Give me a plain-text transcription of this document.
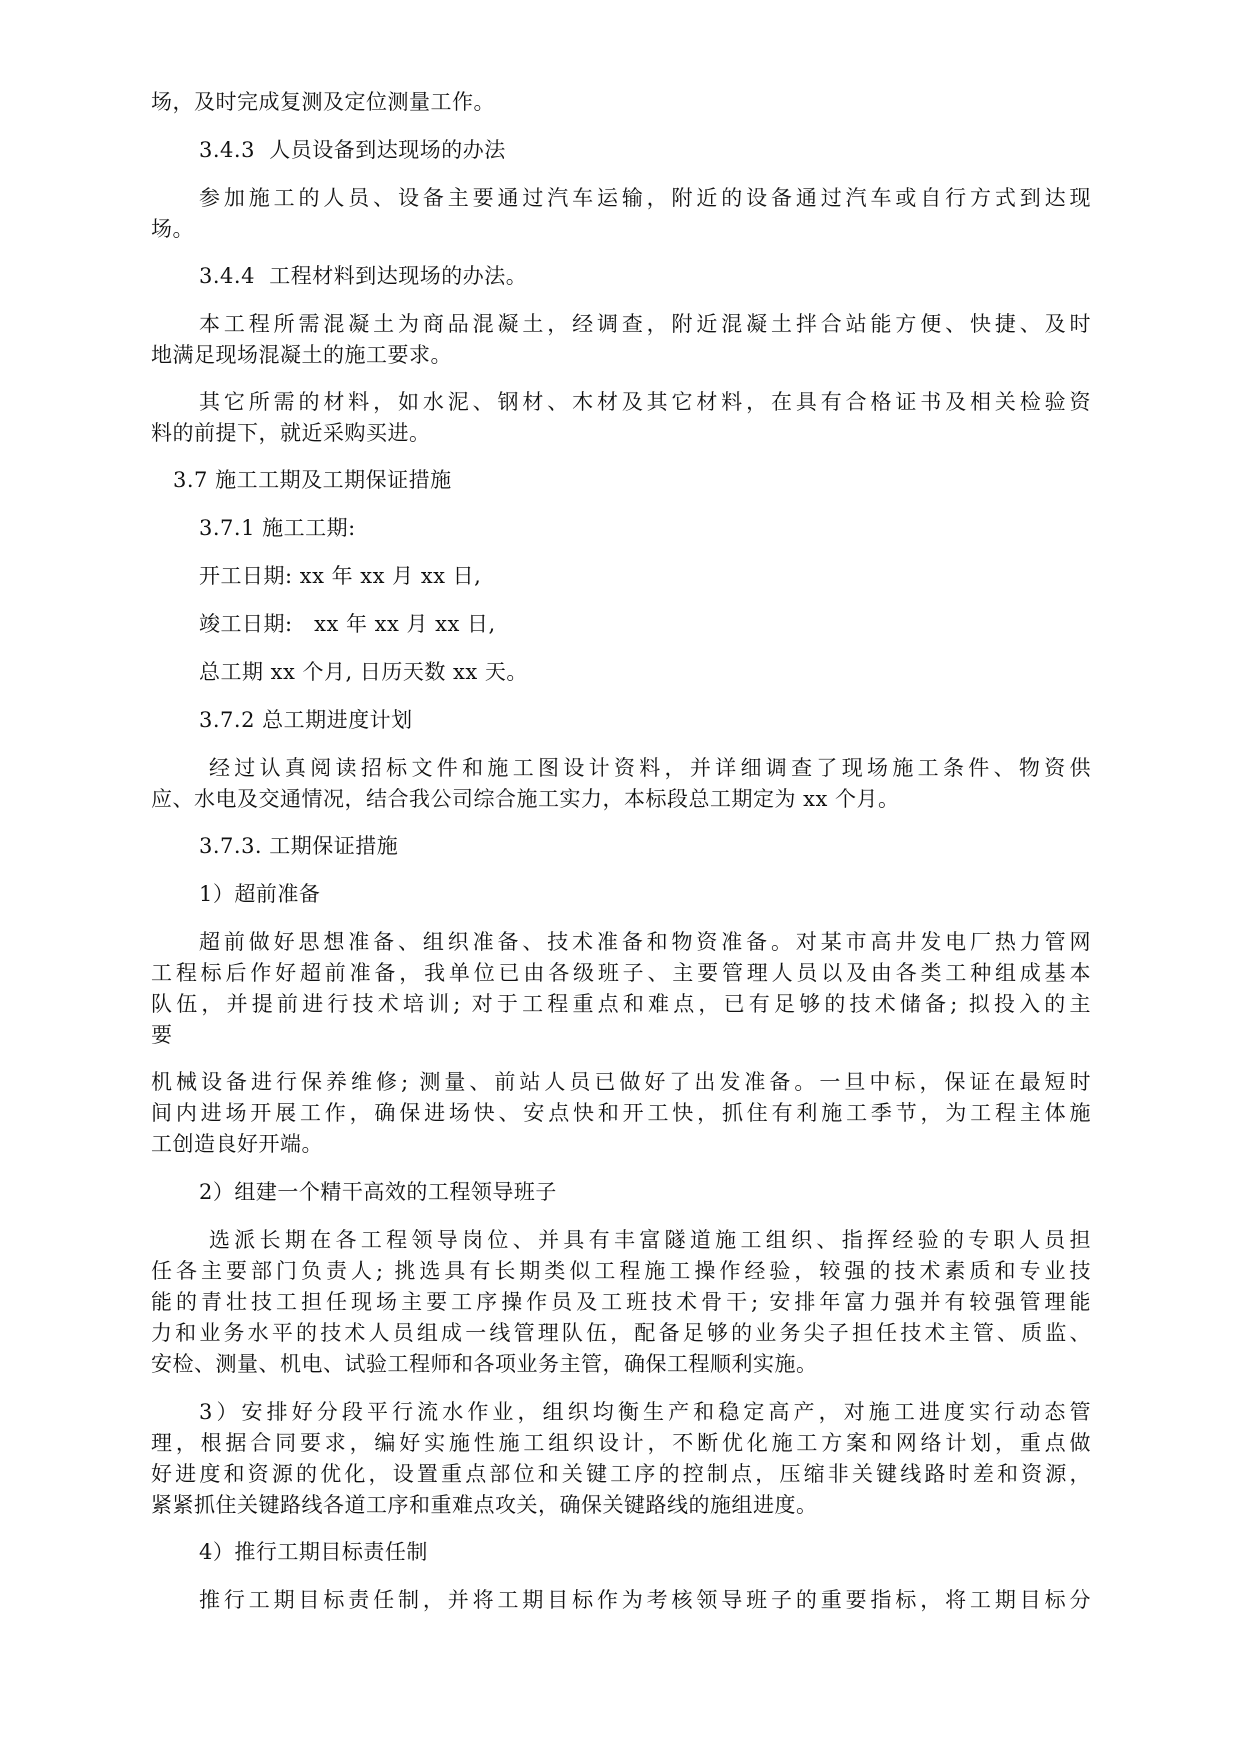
场，及时完成复测及定位测量工作。
3.4.3  人员设备到达现场的办法
参加施工的人员、设备主要通过汽车运输，附近的设备通过汽车或自行方式到达现
场。
3.4.4  工程材料到达现场的办法。
本工程所需混凝土为商品混凝土，经调查，附近混凝土拌合站能方便、快捷、及时
地满足现场混凝土的施工要求。
其它所需的材料，如水泥、钢材、木材及其它材料，在具有合格证书及相关检验资
料的前提下，就近采购买进。
3.7 施工工期及工期保证措施
3.7.1 施工工期:
开工日期: xx 年 xx 月 xx 日,
竣工日期:   xx 年 xx 月 xx 日,
总工期 xx 个月, 日历天数 xx 天。
3.7.2 总工期进度计划
经过认真阅读招标文件和施工图设计资料，并详细调查了现场施工条件、物资供
应、水电及交通情况，结合我公司综合施工实力，本标段总工期定为 xx 个月。
3.7.3. 工期保证措施
1）超前准备
超前做好思想准备、组织准备、技术准备和物资准备。对某市高井发电厂热力管网
工程标后作好超前准备，我单位已由各级班子、主要管理人员以及由各类工种组成基本
队伍，并提前进行技术培训; 对于工程重点和难点，已有足够的技术储备; 拟投入的主
要
机械设备进行保养维修; 测量、前站人员已做好了出发准备。一旦中标，保证在最短时
间内进场开展工作，确保进场快、安点快和开工快，抓住有利施工季节，为工程主体施
工创造良好开端。
2）组建一个精干高效的工程领导班子
选派长期在各工程领导岗位、并具有丰富隧道施工组织、指挥经验的专职人员担
任各主要部门负责人; 挑选具有长期类似工程施工操作经验，较强的技术素质和专业技
能的青壮技工担任现场主要工序操作员及工班技术骨干; 安排年富力强并有较强管理能
力和业务水平的技术人员组成一线管理队伍，配备足够的业务尖子担任技术主管、质监、
安检、测量、机电、试验工程师和各项业务主管，确保工程顺利实施。
3）安排好分段平行流水作业，组织均衡生产和稳定高产，对施工进度实行动态管
理，根据合同要求，编好实施性施工组织设计，不断优化施工方案和网络计划，重点做
好进度和资源的优化，设置重点部位和关键工序的控制点，压缩非关键线路时差和资源，
紧紧抓住关键路线各道工序和重难点攻关，确保关键路线的施组进度。
4）推行工期目标责任制
推行工期目标责任制，并将工期目标作为考核领导班子的重要指标，将工期目标分
